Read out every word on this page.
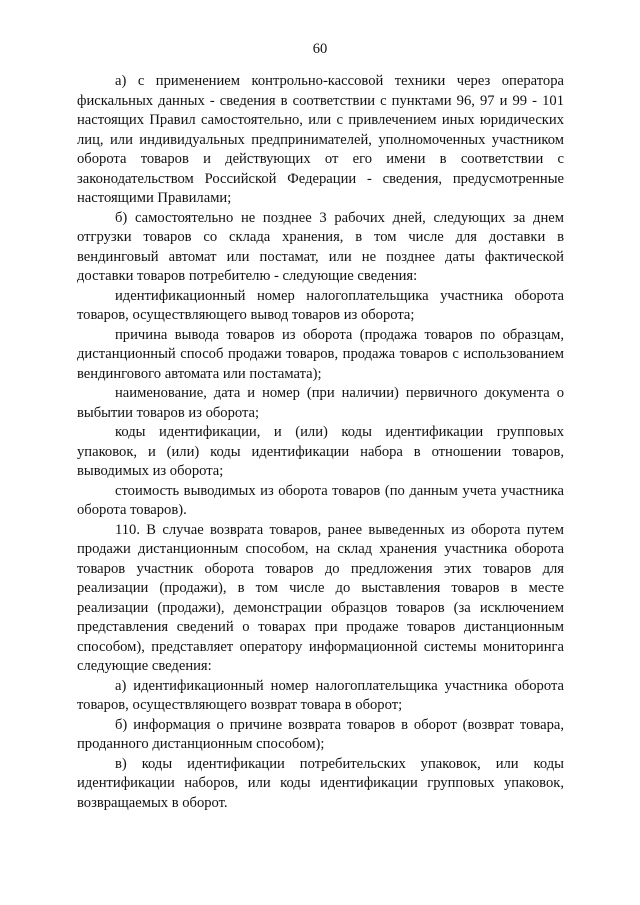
60

а) с применением контрольно-кассовой техники через оператора фискальных данных - сведения в соответствии с пунктами 96, 97 и 99 - 101 настоящих Правил самостоятельно, или с привлечением иных юридических лиц, или индивидуальных предпринимателей, уполномоченных участником оборота товаров и действующих от его имени в соответствии с законодательством Российской Федерации - сведения, предусмотренные настоящими Правилами;

б) самостоятельно не позднее 3 рабочих дней, следующих за днем отгрузки товаров со склада хранения, в том числе для доставки в вендинговый автомат или постамат, или не позднее даты фактической доставки товаров потребителю - следующие сведения:

идентификационный номер налогоплательщика участника оборота товаров, осуществляющего вывод товаров из оборота;

причина вывода товаров из оборота (продажа товаров по образцам, дистанционный способ продажи товаров, продажа товаров с использованием вендингового автомата или постамата);

наименование, дата и номер (при наличии) первичного документа о выбытии товаров из оборота;

коды идентификации, и (или) коды идентификации групповых упаковок, и (или) коды идентификации набора в отношении товаров, выводимых из оборота;

стоимость выводимых из оборота товаров (по данным учета участника оборота товаров).

110. В случае возврата товаров, ранее выведенных из оборота путем продажи дистанционным способом, на склад хранения участника оборота товаров участник оборота товаров до предложения этих товаров для реализации (продажи), в том числе до выставления товаров в месте реализации (продажи), демонстрации образцов товаров (за исключением представления сведений о товарах при продаже товаров дистанционным способом), представляет оператору информационной системы мониторинга следующие сведения:

а) идентификационный номер налогоплательщика участника оборота товаров, осуществляющего возврат товара в оборот;

б) информация о причине возврата товаров в оборот (возврат товара, проданного дистанционным способом);

в) коды идентификации потребительских упаковок, или коды идентификации наборов, или коды идентификации групповых упаковок, возвращаемых в оборот.
